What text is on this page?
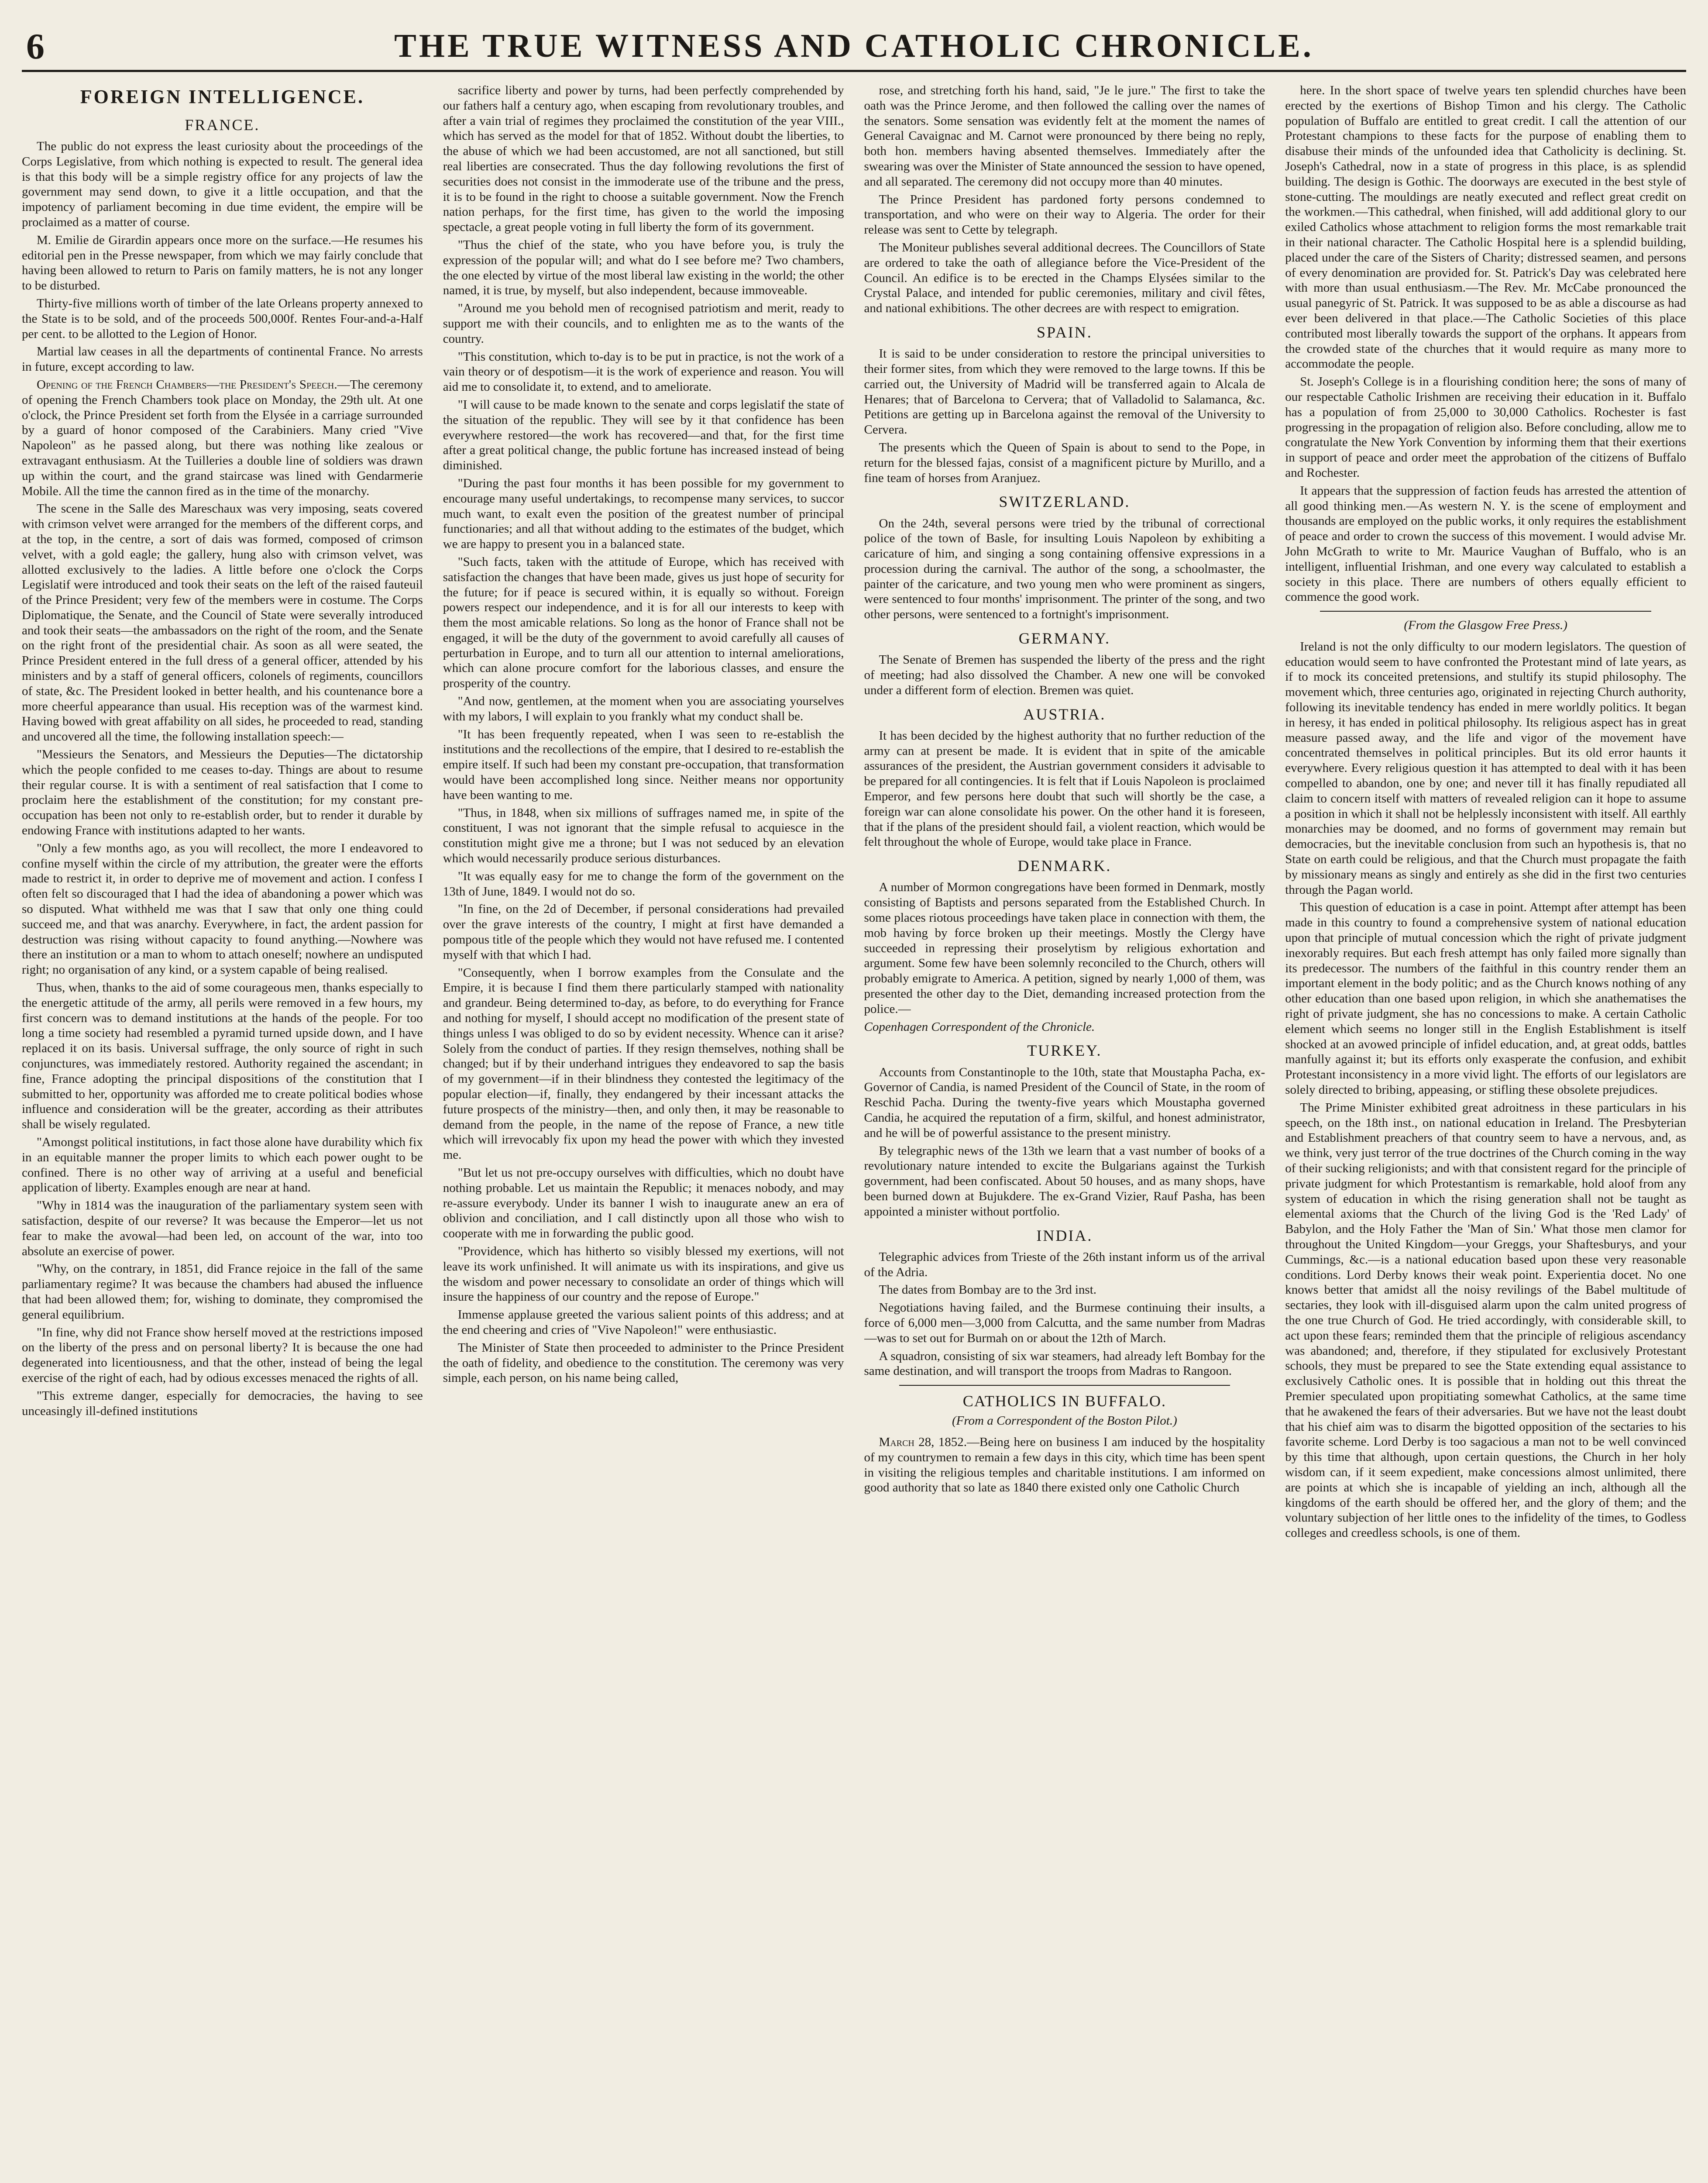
6	THE TRUE WITNESS AND CATHOLIC CHRONICLE.
FOREIGN INTELLIGENCE.
FRANCE.

The public do not express the least curiosity about the proceedings of the Corps Legislative, from which nothing is expected to result. The general idea is that this body will be a simple registry office for any projects of law the government may send down, to give it a little occupation, and that the impotency of parliament becoming in due time evident, the empire will be proclaimed as a matter of course.

M. Emilie de Girardin appears once more on the surface.—He resumes his editorial pen in the Presse newspaper, from which we may fairly conclude that having been allowed to return to Paris on family matters, he is not any longer to be disturbed.

Thirty-five millions worth of timber of the late Orleans property annexed to the State is to be sold, and of the proceeds 500,000f. Rentes Four-and-a-Half per cent. to be allotted to the Legion of Honor.

Martial law ceases in all the departments of continental France. No arrests in future, except according to law.

Opening of the French Chambers—the President's Speech.—The ceremony of opening the French Chambers took place on Monday, the 29th ult. At one o'clock, the Prince President set forth from the Elysée in a carriage surrounded by a guard of honor composed of the Carabiniers. Many cried "Vive Napoleon" as he passed along, but there was nothing like zealous or extravagant enthusiasm. At the Tuilleries a double line of soldiers was drawn up within the court, and the grand staircase was lined with Gendarmerie Mobile. All the time the cannon fired as in the time of the monarchy.

The scene in the Salle des Mareschaux was very imposing, seats covered with crimson velvet were arranged for the members of the different corps, and at the top, in the centre, a sort of dais was formed, composed of crimson velvet, with a gold eagle; the gallery, hung also with crimson velvet, was allotted exclusively to the ladies. A little before one o'clock the Corps Legislatif were introduced and took their seats on the left of the raised fauteuil of the Prince President; very few of the members were in costume. The Corps Diplomatique, the Senate, and the Council of State were severally introduced and took their seats—the ambassadors on the right of the room, and the Senate on the right front of the presidential chair. As soon as all were seated, the Prince President entered in the full dress of a general officer, attended by his ministers and by a staff of general officers, colonels of regiments, councillors of state, &c. The President looked in better health, and his countenance bore a more cheerful appearance than usual. His reception was of the warmest kind. Having bowed with great affability on all sides, he proceeded to read, standing and uncovered all the time, the following installation speech:—

"Messieurs the Senators, and Messieurs the Deputies—The dictatorship which the people confided to me ceases to-day. Things are about to resume their regular course. It is with a sentiment of real satisfaction that I come to proclaim here the establishment of the constitution; for my constant pre-occupation has been not only to re-establish order, but to render it durable by endowing France with institutions adapted to her wants.

"Only a few months ago, as you will recollect, the more I endeavored to confine myself within the circle of my attribution, the greater were the efforts made to restrict it, in order to deprive me of movement and action. I confess I often felt so discouraged that I had the idea of abandoning a power which was so disputed. What withheld me was that I saw that only one thing could succeed me, and that was anarchy. Everywhere, in fact, the ardent passion for destruction was rising without capacity to found anything.—Nowhere was there an institution or a man to whom to attach oneself; nowhere an undisputed right; no organisation of any kind, or a system capable of being realised.

Thus, when, thanks to the aid of some courageous men, thanks especially to the energetic attitude of the army, all perils were removed in a few hours, my first concern was to demand institutions at the hands of the people. For too long a time society had resembled a pyramid turned upside down, and I have replaced it on its basis. Universal suffrage, the only source of right in such conjunctures, was immediately restored. Authority regained the ascendant; in fine, France adopting the principal dispositions of the constitution that I submitted to her, opportunity was afforded me to create political bodies whose influence and consideration will be the greater, according as their attributes shall be wisely regulated.

"Amongst political institutions, in fact those alone have durability which fix in an equitable manner the proper limits to which each power ought to be confined. There is no other way of arriving at a useful and beneficial application of liberty. Examples enough are near at hand.

"Why in 1814 was the inauguration of the parliamentary system seen with satisfaction, despite of our reverse? It was because the Emperor—let us not fear to make the avowal—had been led, on account of the war, into too absolute an exercise of power.

"Why, on the contrary, in 1851, did France rejoice in the fall of the same parliamentary regime? It was because the chambers had abused the influence that had been allowed them; for, wishing to dominate, they compromised the general equilibrium.

"In fine, why did not France show herself moved at the restrictions imposed on the liberty of the press and on personal liberty? It is because the one had degenerated into licentiousness, and that the other, instead of being the legal exercise of the right of each, had by odious excesses menaced the rights of all.

"This extreme danger, especially for democracies, the having to see unceasingly ill-defined institutions

sacrifice liberty and power by turns, had been perfectly comprehended by our fathers half a century ago, when escaping from revolutionary troubles, and after a vain trial of regimes they proclaimed the constitution of the year VIII., which has served as the model for that of 1852. Without doubt the liberties, to the abuse of which we had been accustomed, are not all sanctioned, but still real liberties are consecrated. Thus the day following revolutions the first of securities does not consist in the immoderate use of the tribune and the press, it is to be found in the right to choose a suitable government. Now the French nation perhaps, for the first time, has given to the world the imposing spectacle, a great people voting in full liberty the form of its government.

"Thus the chief of the state, who you have before you, is truly the expression of the popular will; and what do I see before me? Two chambers, the one elected by virtue of the most liberal law existing in the world; the other named, it is true, by myself, but also independent, because immoveable.

"Around me you behold men of recognised patriotism and merit, ready to support me with their councils, and to enlighten me as to the wants of the country.

"This constitution, which to-day is to be put in practice, is not the work of a vain theory or of despotism—it is the work of experience and reason. You will aid me to consolidate it, to extend, and to ameliorate.

"I will cause to be made known to the senate and corps legislatif the state of the situation of the republic. They will see by it that confidence has been everywhere restored—the work has recovered—and that, for the first time after a great political change, the public fortune has increased instead of being diminished.

"During the past four months it has been possible for my government to encourage many useful undertakings, to recompense many services, to succor much want, to exalt even the position of the greatest number of principal functionaries; and all that without adding to the estimates of the budget, which we are happy to present you in a balanced state.

"Such facts, taken with the attitude of Europe, which has received with satisfaction the changes that have been made, gives us just hope of security for the future; for if peace is secured within, it is equally so without. Foreign powers respect our independence, and it is for all our interests to keep with them the most amicable relations. So long as the honor of France shall not be engaged, it will be the duty of the government to avoid carefully all causes of perturbation in Europe, and to turn all our attention to internal ameliorations, which can alone procure comfort for the laborious classes, and ensure the prosperity of the country.

"And now, gentlemen, at the moment when you are associating yourselves with my labors, I will explain to you frankly what my conduct shall be.

"It has been frequently repeated, when I was seen to re-establish the institutions and the recollections of the empire, that I desired to re-establish the empire itself. If such had been my constant pre-occupation, that transformation would have been accomplished long since. Neither means nor opportunity have been wanting to me.

"Thus, in 1848, when six millions of suffrages named me, in spite of the constituent, I was not ignorant that the simple refusal to acquiesce in the constitution might give me a throne; but I was not seduced by an elevation which would necessarily produce serious disturbances.

"It was equally easy for me to change the form of the government on the 13th of June, 1849. I would not do so.

"In fine, on the 2d of December, if personal considerations had prevailed over the grave interests of the country, I might at first have demanded a pompous title of the people which they would not have refused me. I contented myself with that which I had.

"Consequently, when I borrow examples from the Consulate and the Empire, it is because I find them there particularly stamped with nationality and grandeur. Being determined to-day, as before, to do everything for France and nothing for myself, I should accept no modification of the present state of things unless I was obliged to do so by evident necessity. Whence can it arise? Solely from the conduct of parties. If they resign themselves, nothing shall be changed; but if by their underhand intrigues they endeavored to sap the basis of my government—if in their blindness they contested the legitimacy of the popular election—if, finally, they endangered by their incessant attacks the future prospects of the ministry—then, and only then, it may be reasonable to demand from the people, in the name of the repose of France, a new title which will irrevocably fix upon my head the power with which they invested me.

"But let us not pre-occupy ourselves with difficulties, which no doubt have nothing probable. Let us maintain the Republic; it menaces nobody, and may re-assure everybody. Under its banner I wish to inaugurate anew an era of oblivion and conciliation, and I call distinctly upon all those who wish to cooperate with me in forwarding the public good.

"Providence, which has hitherto so visibly blessed my exertions, will not leave its work unfinished. It will animate us with its inspirations, and give us the wisdom and power necessary to consolidate an order of things which will insure the happiness of our country and the repose of Europe."

Immense applause greeted the various salient points of this address; and at the end cheering and cries of "Vive Napoleon!" were enthusiastic.

The Minister of State then proceeded to administer to the Prince President the oath of fidelity, and obedience to the constitution. The ceremony was very simple, each person, on his name being called,

rose, and stretching forth his hand, said, "Je le jure." The first to take the oath was the Prince Jerome, and then followed the calling over the names of the senators. Some sensation was evidently felt at the moment the names of General Cavaignac and M. Carnot were pronounced by there being no reply, both hon. members having absented themselves. Immediately after the swearing was over the Minister of State announced the session to have opened, and all separated. The ceremony did not occupy more than 40 minutes.

The Prince President has pardoned forty persons condemned to transportation, and who were on their way to Algeria. The order for their release was sent to Cette by telegraph.

The Moniteur publishes several additional decrees. The Councillors of State are ordered to take the oath of allegiance before the Vice-President of the Council. An edifice is to be erected in the Champs Elysées similar to the Crystal Palace, and intended for public ceremonies, military and civil fêtes, and national exhibitions. The other decrees are with respect to emigration.

SPAIN.

It is said to be under consideration to restore the principal universities to their former sites, from which they were removed to the large towns. If this be carried out, the University of Madrid will be transferred again to Alcala de Henares; that of Barcelona to Cervera; that of Valladolid to Salamanca, &c. Petitions are getting up in Barcelona against the removal of the University to Cervera.

The presents which the Queen of Spain is about to send to the Pope, in return for the blessed fajas, consist of a magnificent picture by Murillo, and a fine team of horses from Aranjuez.

SWITZERLAND.

On the 24th, several persons were tried by the tribunal of correctional police of the town of Basle, for insulting Louis Napoleon by exhibiting a caricature of him, and singing a song containing offensive expressions in a procession during the carnival. The author of the song, a schoolmaster, the painter of the caricature, and two young men who were prominent as singers, were sentenced to four months' imprisonment. The printer of the song, and two other persons, were sentenced to a fortnight's imprisonment.

GERMANY.

The Senate of Bremen has suspended the liberty of the press and the right of meeting; had also dissolved the Chamber. A new one will be convoked under a different form of election. Bremen was quiet.

AUSTRIA.

It has been decided by the highest authority that no further reduction of the army can at present be made. It is evident that in spite of the amicable assurances of the president, the Austrian government considers it advisable to be prepared for all contingencies. It is felt that if Louis Napoleon is proclaimed Emperor, and few persons here doubt that such will shortly be the case, a foreign war can alone consolidate his power. On the other hand it is foreseen, that if the plans of the president should fail, a violent reaction, which would be felt throughout the whole of Europe, would take place in France.

DENMARK.

A number of Mormon congregations have been formed in Denmark, mostly consisting of Baptists and persons separated from the Established Church. In some places riotous proceedings have taken place in connection with them, the mob having by force broken up their meetings. Mostly the Clergy have succeeded in repressing their proselytism by religious exhortation and argument. Some few have been solemnly reconciled to the Church, others will probably emigrate to America. A petition, signed by nearly 1,000 of them, was presented the other day to the Diet, demanding increased protection from the police.—

Copenhagen Correspondent of the Chronicle.

TURKEY.

Accounts from Constantinople to the 10th, state that Moustapha Pacha, ex-Governor of Candia, is named President of the Council of State, in the room of Reschid Pacha. During the twenty-five years which Moustapha governed Candia, he acquired the reputation of a firm, skilful, and honest administrator, and he will be of powerful assistance to the present ministry.

By telegraphic news of the 13th we learn that a vast number of books of a revolutionary nature intended to excite the Bulgarians against the Turkish government, had been confiscated. About 50 houses, and as many shops, have been burned down at Bujukdere. The ex-Grand Vizier, Rauf Pasha, has been appointed a minister without portfolio.

INDIA.

Telegraphic advices from Trieste of the 26th instant inform us of the arrival of the Adria.

The dates from Bombay are to the 3rd inst.

Negotiations having failed, and the Burmese continuing their insults, a force of 6,000 men—3,000 from Calcutta, and the same number from Madras—was to set out for Burmah on or about the 12th of March.

A squadron, consisting of six war steamers, had already left Bombay for the same destination, and will transport the troops from Madras to Rangoon.

CATHOLICS IN BUFFALO.
(From a Correspondent of the Boston Pilot.)

March 28, 1852.—Being here on business I am induced by the hospitality of my countrymen to remain a few days in this city, which time has been spent in visiting the religious temples and charitable institutions. I am informed on good authority that so late as 1840 there existed only one Catholic Church

here. In the short space of twelve years ten splendid churches have been erected by the exertions of Bishop Timon and his clergy. The Catholic population of Buffalo are entitled to great credit. I call the attention of our Protestant champions to these facts for the purpose of enabling them to disabuse their minds of the unfounded idea that Catholicity is declining. St. Joseph's Cathedral, now in a state of progress in this place, is as splendid building. The design is Gothic. The doorways are executed in the best style of stone-cutting. The mouldings are neatly executed and reflect great credit on the workmen.—This cathedral, when finished, will add additional glory to our exiled Catholics whose attachment to religion forms the most remarkable trait in their national character. The Catholic Hospital here is a splendid building, placed under the care of the Sisters of Charity; distressed seamen, and persons of every denomination are provided for. St. Patrick's Day was celebrated here with more than usual enthusiasm.—The Rev. Mr. McCabe pronounced the usual panegyric of St. Patrick. It was supposed to be as able a discourse as had ever been delivered in that place.—The Catholic Societies of this place contributed most liberally towards the support of the orphans. It appears from the crowded state of the churches that it would require as many more to accommodate the people.

St. Joseph's College is in a flourishing condition here; the sons of many of our respectable Catholic Irishmen are receiving their education in it. Buffalo has a population of from 25,000 to 30,000 Catholics. Rochester is fast progressing in the propagation of religion also. Before concluding, allow me to congratulate the New York Convention by informing them that their exertions in support of peace and order meet the approbation of the citizens of Buffalo and Rochester.

It appears that the suppression of faction feuds has arrested the attention of all good thinking men.—As western N. Y. is the scene of employment and thousands are employed on the public works, it only requires the establishment of peace and order to crown the success of this movement. I would advise Mr. John McGrath to write to Mr. Maurice Vaughan of Buffalo, who is an intelligent, influential Irishman, and one every way calculated to establish a society in this place. There are numbers of others equally efficient to commence the good work.

(From the Glasgow Free Press.)

Ireland is not the only difficulty to our modern legislators. The question of education would seem to have confronted the Protestant mind of late years, as if to mock its conceited pretensions, and stultify its stupid philosophy. The movement which, three centuries ago, originated in rejecting Church authority, following its inevitable tendency has ended in mere worldly politics. It began in heresy, it has ended in political philosophy. Its religious aspect has in great measure passed away, and the life and vigor of the movement have concentrated themselves in political principles. But its old error haunts it everywhere. Every religious question it has attempted to deal with it has been compelled to abandon, one by one; and never till it has finally repudiated all claim to concern itself with matters of revealed religion can it hope to assume a position in which it shall not be helplessly inconsistent with itself. All earthly monarchies may be doomed, and no forms of government may remain but democracies, but the inevitable conclusion from such an hypothesis is, that no State on earth could be religious, and that the Church must propagate the faith by missionary means as singly and entirely as she did in the first two centuries through the Pagan world.

This question of education is a case in point. Attempt after attempt has been made in this country to found a comprehensive system of national education upon that principle of mutual concession which the right of private judgment inexorably requires. But each fresh attempt has only failed more signally than its predecessor. The numbers of the faithful in this country render them an important element in the body politic; and as the Church knows nothing of any other education than one based upon religion, in which she anathematises the right of private judgment, she has no concessions to make. A certain Catholic element which seems no longer still in the English Establishment is itself shocked at an avowed principle of infidel education, and, at great odds, battles manfully against it; but its efforts only exasperate the confusion, and exhibit Protestant inconsistency in a more vivid light. The efforts of our legislators are solely directed to bribing, appeasing, or stifling these obsolete prejudices.

The Prime Minister exhibited great adroitness in these particulars in his speech, on the 18th inst., on national education in Ireland. The Presbyterian and Establishment preachers of that country seem to have a nervous, and, as we think, very just terror of the true doctrines of the Church coming in the way of their sucking religionists; and with that consistent regard for the principle of private judgment for which Protestantism is remarkable, hold aloof from any system of education in which the rising generation shall not be taught as elemental axioms that the Church of the living God is the 'Red Lady' of Babylon, and the Holy Father the 'Man of Sin.' What those men clamor for throughout the United Kingdom—your Greggs, your Shaftesburys, and your Cummings, &c.—is a national education based upon these very reasonable conditions. Lord Derby knows their weak point. Experientia docet. No one knows better that amidst all the noisy revilings of the Babel multitude of sectaries, they look with ill-disguised alarm upon the calm united progress of the one true Church of God. He tried accordingly, with considerable skill, to act upon these fears; reminded them that the principle of religious ascendancy was abandoned; and, therefore, if they stipulated for exclusively Protestant schools, they must be prepared to see the State extending equal assistance to exclusively Catholic ones. It is possible that in holding out this threat the Premier speculated upon propitiating somewhat Catholics, at the same time that he awakened the fears of their adversaries. But we have not the least doubt that his chief aim was to disarm the bigotted opposition of the sectaries to his favorite scheme. Lord Derby is too sagacious a man not to be well convinced by this time that although, upon certain questions, the Church in her holy wisdom can, if it seem expedient, make concessions almost unlimited, there are points at which she is incapable of yielding an inch, although all the kingdoms of the earth should be offered her, and the glory of them; and the voluntary subjection of her little ones to the infidelity of the times, to Godless colleges and creedless schools, is one of them.
